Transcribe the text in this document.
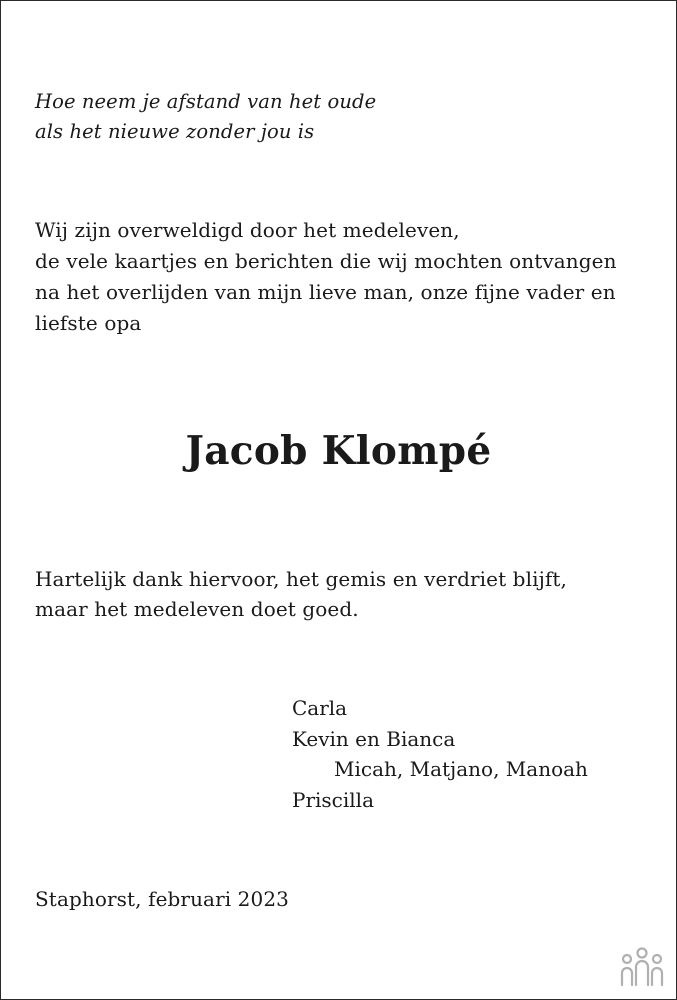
Hoe neem je afstand van het oude
als het nieuwe zonder jou is
Wij zijn overweldigd door het medeleven,
de vele kaartjes en berichten die wij mochten ontvangen
na het overlijden van mijn lieve man, onze fijne vader en
liefste opa
Jacob Klompé
Hartelijk dank hiervoor, het gemis en verdriet blijft,
maar het medeleven doet goed.
Carla
Kevin en Bianca
Micah, Matjano, Manoah
Priscilla
Staphorst, februari 2023
